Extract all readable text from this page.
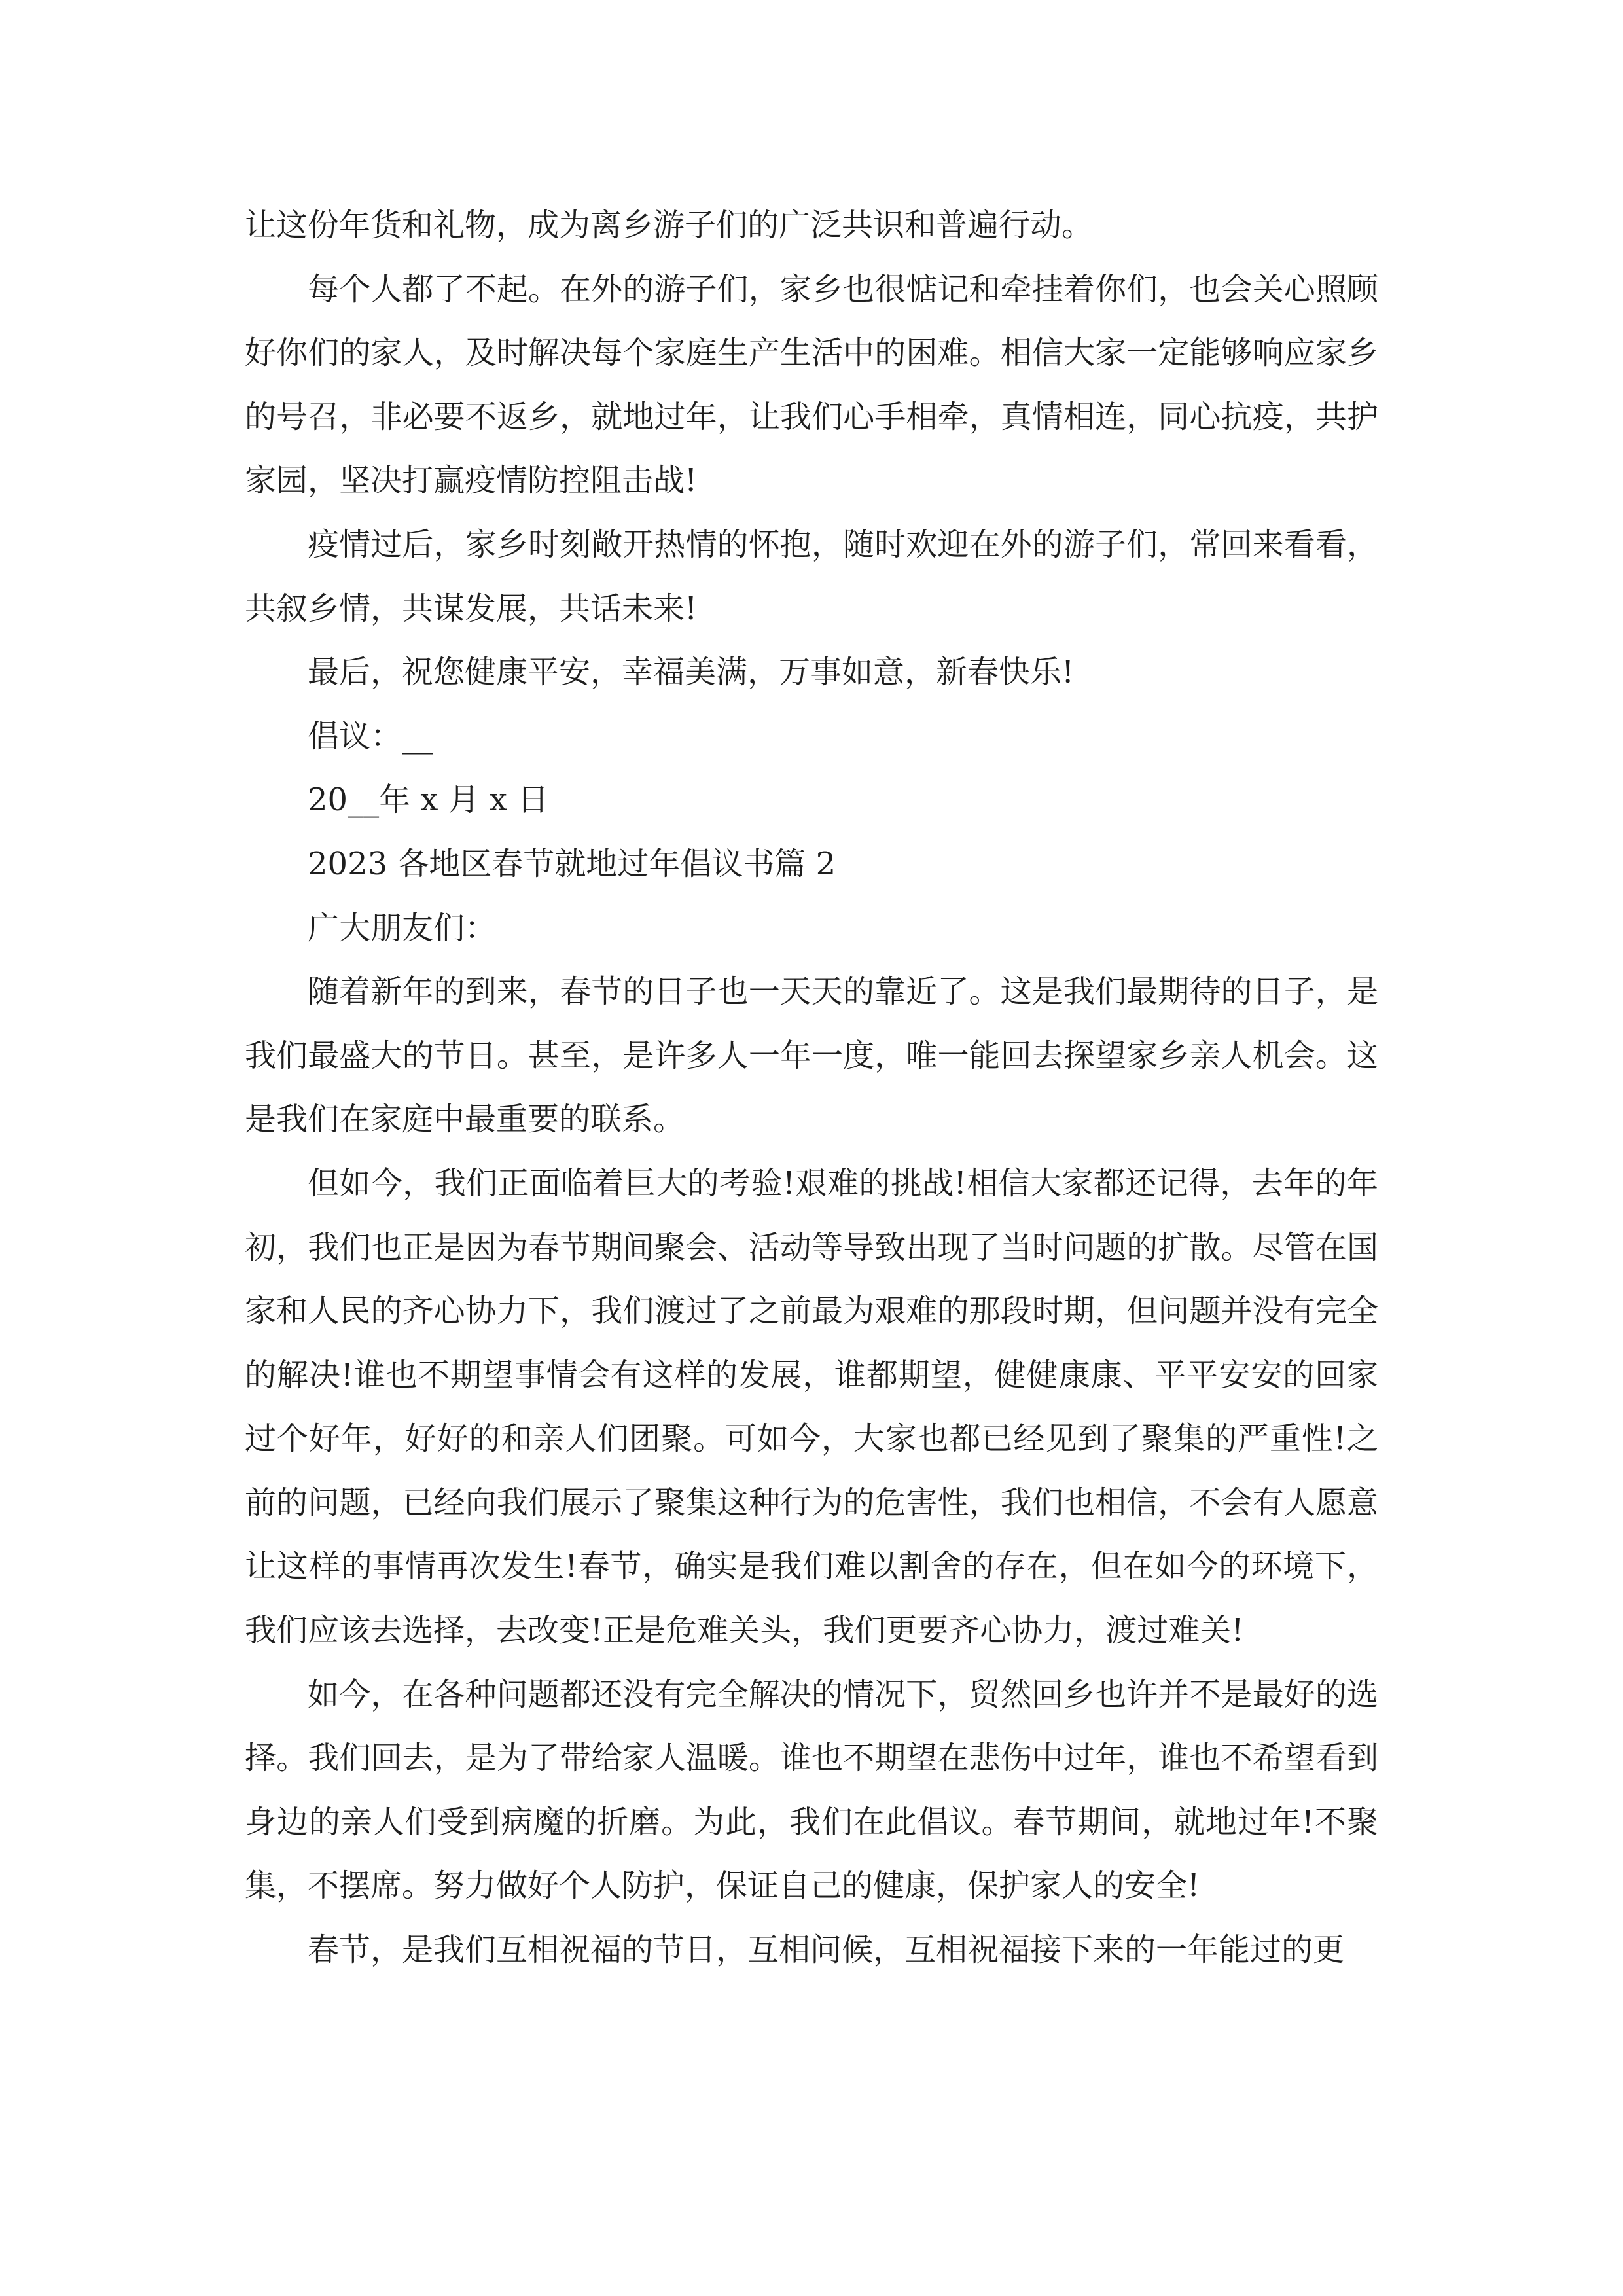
让这份年货和礼物，成为离乡游子们的广泛共识和普遍行动。

每个人都了不起。在外的游子们，家乡也很惦记和牵挂着你们，也会关心照顾好你们的家人，及时解决每个家庭生产生活中的困难。相信大家一定能够响应家乡的号召，非必要不返乡，就地过年，让我们心手相牵，真情相连，同心抗疫，共护家园，坚决打赢疫情防控阻击战!

疫情过后，家乡时刻敞开热情的怀抱，随时欢迎在外的游子们，常回来看看，共叙乡情，共谋发展，共话未来!

最后，祝您健康平安，幸福美满，万事如意，新春快乐!

倡议：__

20__年 x 月 x 日

2023 各地区春节就地过年倡议书篇 2

广大朋友们：

随着新年的到来，春节的日子也一天天的靠近了。这是我们最期待的日子，是我们最盛大的节日。甚至，是许多人一年一度，唯一能回去探望家乡亲人机会。这是我们在家庭中最重要的联系。

但如今，我们正面临着巨大的考验!艰难的挑战!相信大家都还记得，去年的年初，我们也正是因为春节期间聚会、活动等导致出现了当时问题的扩散。尽管在国家和人民的齐心协力下，我们渡过了之前最为艰难的那段时期，但问题并没有完全的解决!谁也不期望事情会有这样的发展，谁都期望，健健康康、平平安安的回家过个好年，好好的和亲人们团聚。可如今，大家也都已经见到了聚集的严重性!之前的问题，已经向我们展示了聚集这种行为的危害性，我们也相信，不会有人愿意让这样的事情再次发生!春节，确实是我们难以割舍的存在，但在如今的环境下，我们应该去选择，去改变!正是危难关头，我们更要齐心协力，渡过难关!

如今，在各种问题都还没有完全解决的情况下，贸然回乡也许并不是最好的选择。我们回去，是为了带给家人温暖。谁也不期望在悲伤中过年，谁也不希望看到身边的亲人们受到病魔的折磨。为此，我们在此倡议。春节期间，就地过年!不聚集，不摆席。努力做好个人防护，保证自己的健康，保护家人的安全!

春节，是我们互相祝福的节日，互相问候，互相祝福接下来的一年能过的更
